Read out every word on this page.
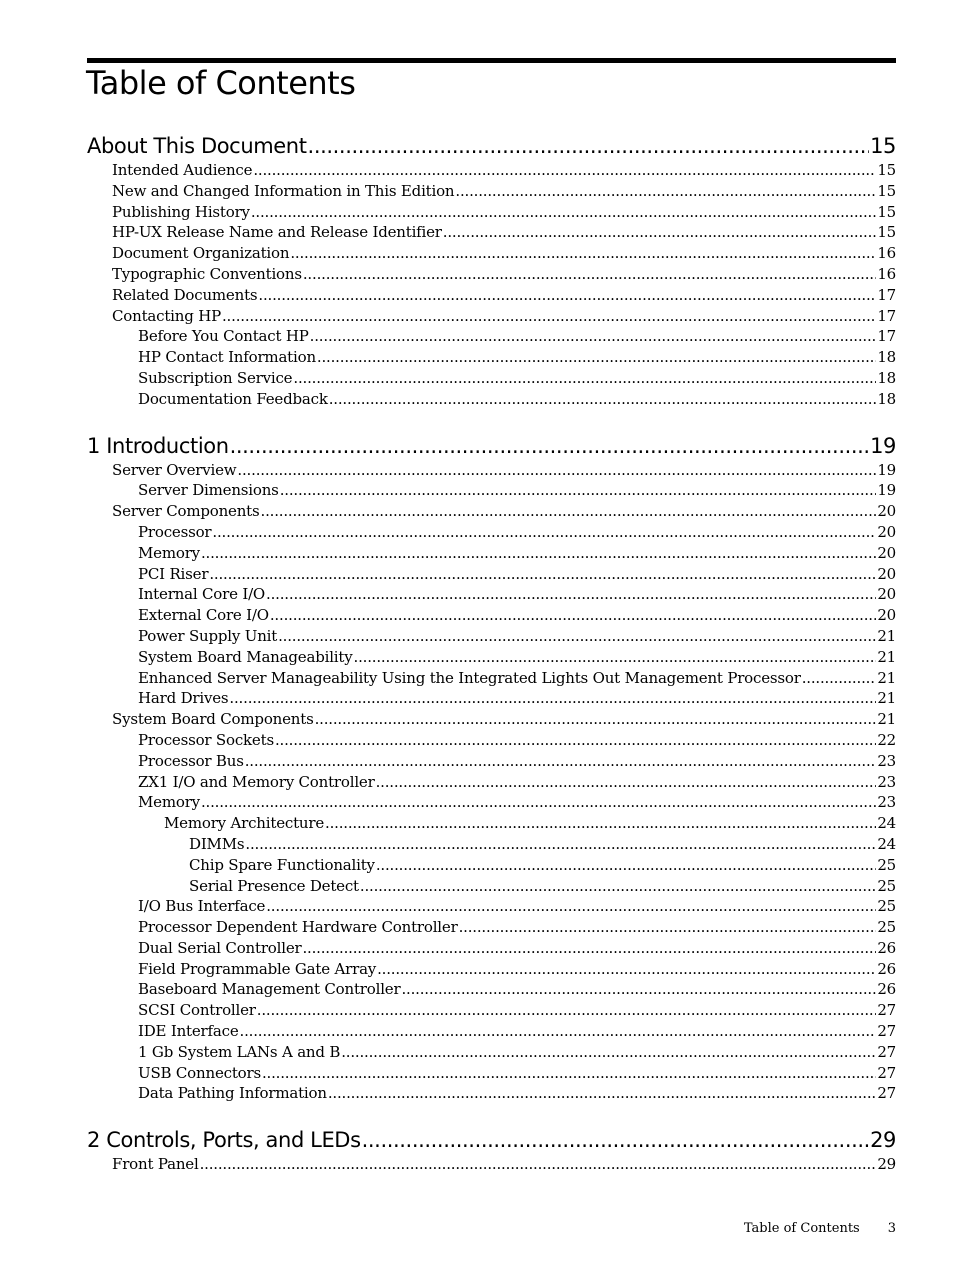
Table of Contents
About This Document .....	15
Intended Audience .....	15
New and Changed Information in This Edition .....	15
Publishing History .....	15
HP-UX Release Name and Release Identifier .....	15
Document Organization .....	16
Typographic Conventions .....	16
Related Documents .....	17
Contacting HP .....	17
Before You Contact HP .....	17
HP Contact Information .....	18
Subscription Service .....	18
Documentation Feedback .....	18
1 Introduction .....	19
Server Overview .....	19
Server Dimensions .....	19
Server Components .....	20
Processor .....	20
Memory .....	20
PCI Riser .....	20
Internal Core I/O .....	20
External Core I/O .....	20
Power Supply Unit .....	21
System Board Manageability .....	21
Enhanced Server Manageability Using the Integrated Lights Out Management Processor .....	21
Hard Drives .....	21
System Board Components .....	21
Processor Sockets .....	22
Processor Bus .....	23
ZX1 I/O and Memory Controller .....	23
Memory .....	23
Memory Architecture .....	24
DIMMs .....	24
Chip Spare Functionality .....	25
Serial Presence Detect .....	25
I/O Bus Interface .....	25
Processor Dependent Hardware Controller .....	25
Dual Serial Controller .....	26
Field Programmable Gate Array .....	26
Baseboard Management Controller .....	26
SCSI Controller .....	27
IDE Interface .....	27
1 Gb System LANs A and B .....	27
USB Connectors .....	27
Data Pathing Information .....	27
2 Controls, Ports, and LEDs .....	29
Front Panel .....	29
Table of Contents 3
